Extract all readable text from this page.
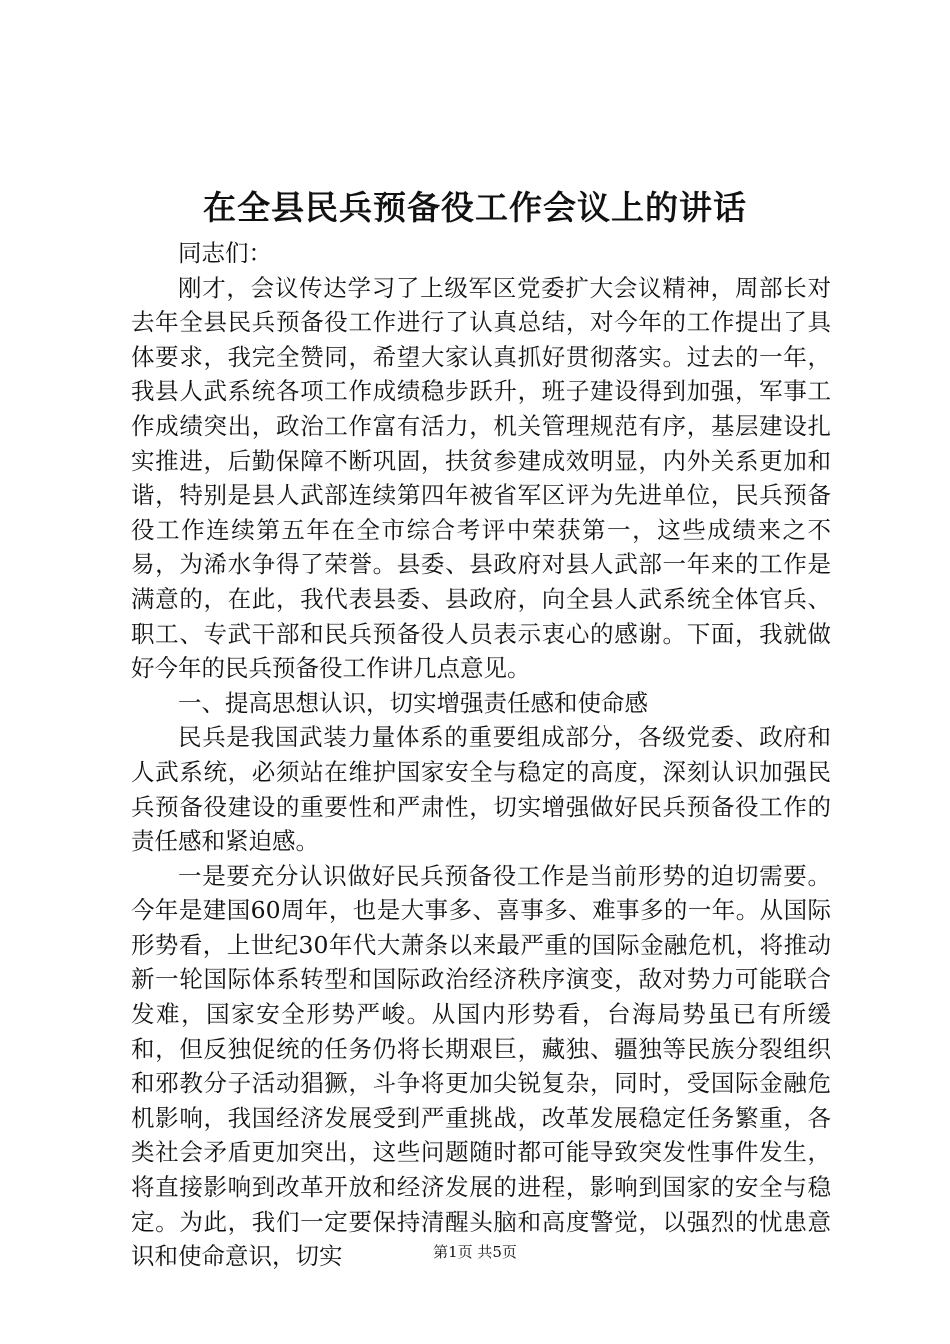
在全县民兵预备役工作会议上的讲话

同志们：

刚才，会议传达学习了上级军区党委扩大会议精神，周部长对去年全县民兵预备役工作进行了认真总结，对今年的工作提出了具体要求，我完全赞同，希望大家认真抓好贯彻落实。过去的一年，我县人武系统各项工作成绩稳步跃升，班子建设得到加强，军事工作成绩突出，政治工作富有活力，机关管理规范有序，基层建设扎实推进，后勤保障不断巩固，扶贫参建成效明显，内外关系更加和谐，特别是县人武部连续第四年被省军区评为先进单位，民兵预备役工作连续第五年在全市综合考评中荣获第一，这些成绩来之不易，为浠水争得了荣誉。县委、县政府对县人武部一年来的工作是满意的，在此，我代表县委、县政府，向全县人武系统全体官兵、职工、专武干部和民兵预备役人员表示衷心的感谢。下面，我就做好今年的民兵预备役工作讲几点意见。

一、提高思想认识，切实增强责任感和使命感

民兵是我国武装力量体系的重要组成部分，各级党委、政府和人武系统，必须站在维护国家安全与稳定的高度，深刻认识加强民兵预备役建设的重要性和严肃性，切实增强做好民兵预备役工作的责任感和紧迫感。

一是要充分认识做好民兵预备役工作是当前形势的迫切需要。今年是建国60周年，也是大事多、喜事多、难事多的一年。从国际形势看，上世纪30年代大萧条以来最严重的国际金融危机，将推动新一轮国际体系转型和国际政治经济秩序演变，敌对势力可能联合发难，国家安全形势严峻。从国内形势看，台海局势虽已有所缓和，但反独促统的任务仍将长期艰巨，藏独、疆独等民族分裂组织和邪教分子活动猖獗，斗争将更加尖锐复杂，同时，受国际金融危机影响，我国经济发展受到严重挑战，改革发展稳定任务繁重，各类社会矛盾更加突出，这些问题随时都可能导致突发性事件发生，将直接影响到改革开放和经济发展的进程，影响到国家的安全与稳定。为此，我们一定要保持清醒头脑和高度警觉，以强烈的忧患意识和使命意识，切实	第1页 共5页
